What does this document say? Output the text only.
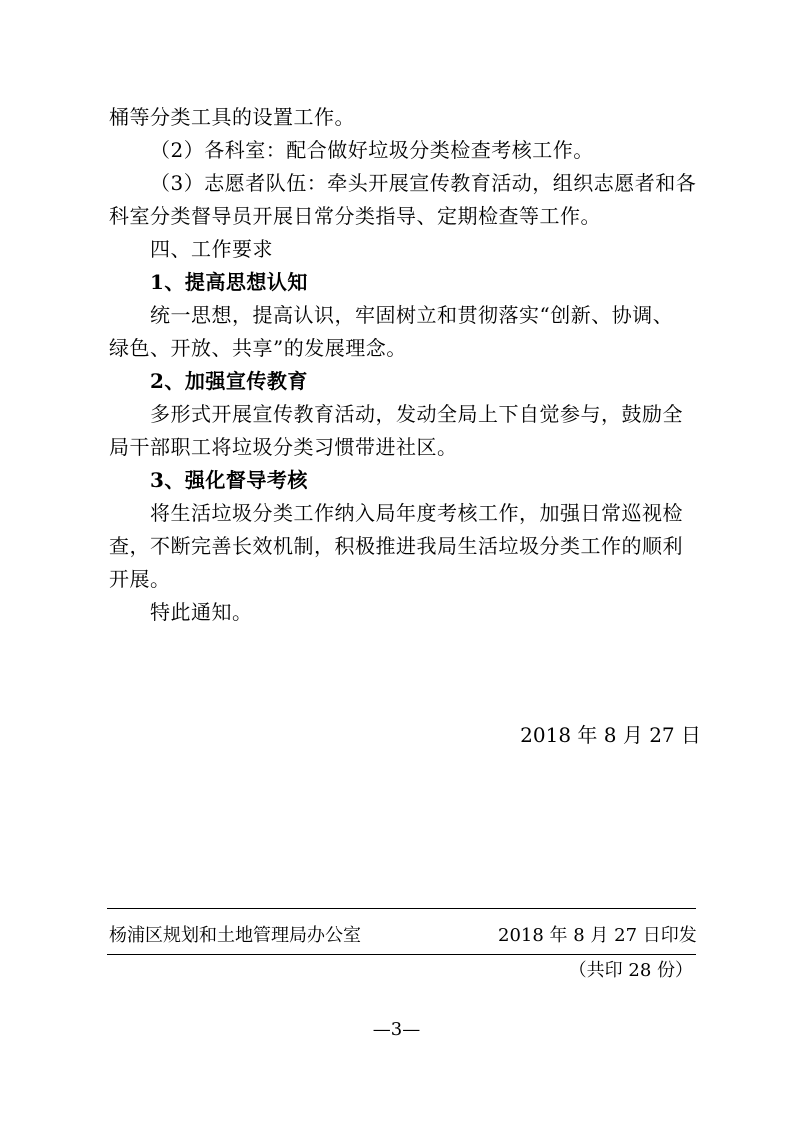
桶等分类工具的设置工作。
（2）各科室：配合做好垃圾分类检查考核工作。
（3）志愿者队伍：牵头开展宣传教育活动，组织志愿者和各
科室分类督导员开展日常分类指导、定期检查等工作。
四、工作要求
1、提高思想认知
统一思想，提高认识，牢固树立和贯彻落实“创新、协调、
绿色、开放、共享”的发展理念。
2、加强宣传教育
多形式开展宣传教育活动，发动全局上下自觉参与，鼓励全
局干部职工将垃圾分类习惯带进社区。
3、强化督导考核
将生活垃圾分类工作纳入局年度考核工作，加强日常巡视检
查，不断完善长效机制，积极推进我局生活垃圾分类工作的顺利
开展。
特此通知。
2018 年 8 月 27 日
杨浦区规划和土地管理局办公室	2018 年 8 月 27 日印发
（共印 28 份）
—3—
